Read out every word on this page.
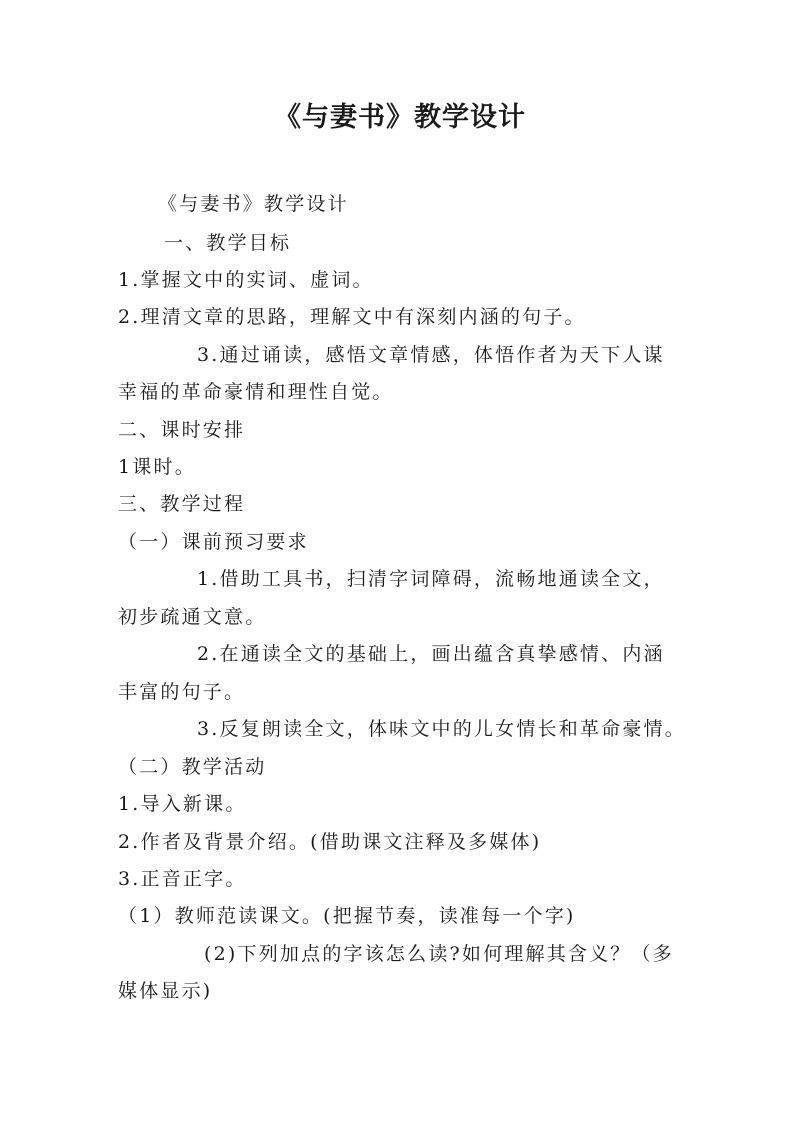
《与妻书》教学设计
《与妻书》教学设计
一、教学目标
1.掌握文中的实词、虚词。
2.理清文章的思路，理解文中有深刻内涵的句子。
3.通过诵读，感悟文章情感，体悟作者为天下人谋
幸福的革命豪情和理性自觉。
二、课时安排
1课时。
三、教学过程
（一）课前预习要求
1.借助工具书，扫清字词障碍，流畅地通读全文，
初步疏通文意。
2.在通读全文的基础上，画出蕴含真挚感情、内涵
丰富的句子。
3.反复朗读全文，体味文中的儿女情长和革命豪情。
（二）教学活动
1.导入新课。
2.作者及背景介绍。(借助课文注释及多媒体)
3.正音正字。
（1）教师范读课文。(把握节奏，读准每一个字)
(2)下列加点的字该怎么读?如何理解其含义？（多
媒体显示)
